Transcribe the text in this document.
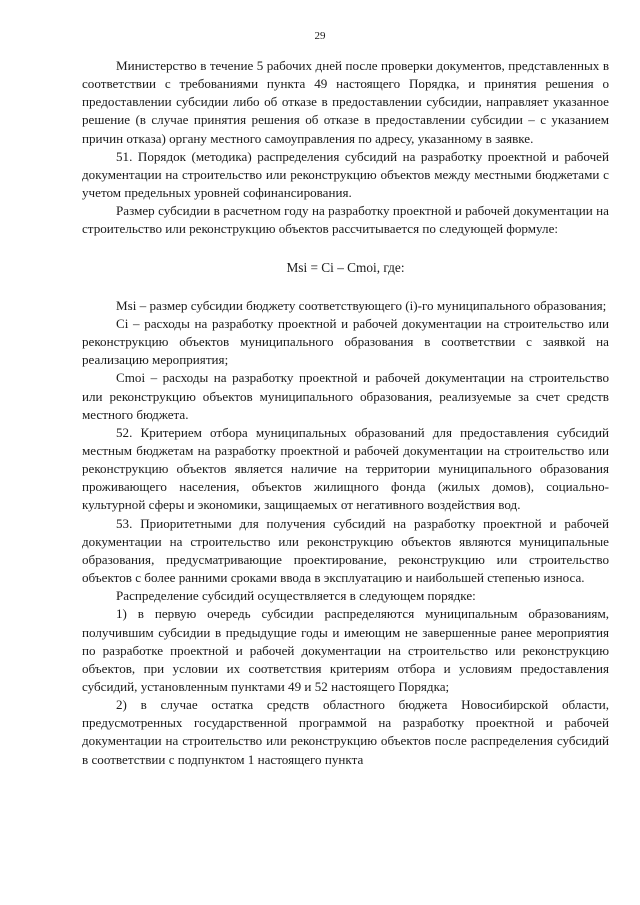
29

Министерство в течение 5 рабочих дней после проверки документов, представленных в соответствии с требованиями пункта 49 настоящего Порядка, и принятия решения о предоставлении субсидии либо об отказе в предоставлении субсидии, направляет указанное решение (в случае принятия решения об отказе в предоставлении субсидии – с указанием причин отказа) органу местного самоуправления по адресу, указанному в заявке.

51. Порядок (методика) распределения субсидий на разработку проектной и рабочей документации на строительство или реконструкцию объектов между местными бюджетами с учетом предельных уровней софинансирования.

Размер субсидии в расчетном году на разработку проектной и рабочей документации на строительство или реконструкцию объектов рассчитывается по следующей формуле:

Msi = Ci – Cmoi, где:

Msi – размер субсидии бюджету соответствующего (i)-го муниципального образования;

Ci – расходы на разработку проектной и рабочей документации на строительство или реконструкцию объектов муниципального образования в соответствии с заявкой на реализацию мероприятия;

Cmoi – расходы на разработку проектной и рабочей документации на строительство или реконструкцию объектов муниципального образования, реализуемые за счет средств местного бюджета.

52. Критерием отбора муниципальных образований для предоставления субсидий местным бюджетам на разработку проектной и рабочей документации на строительство или реконструкцию объектов является наличие на территории муниципального образования проживающего населения, объектов жилищного фонда (жилых домов), социально-культурной сферы и экономики, защищаемых от негативного воздействия вод.

53. Приоритетными для получения субсидий на разработку проектной и рабочей документации на строительство или реконструкцию объектов являются муниципальные образования, предусматривающие проектирование, реконструкцию или строительство объектов с более ранними сроками ввода в эксплуатацию и наибольшей степенью износа.

Распределение субсидий осуществляется в следующем порядке:

1) в первую очередь субсидии распределяются муниципальным образованиям, получившим субсидии в предыдущие годы и имеющим не завершенные ранее мероприятия по разработке проектной и рабочей документации на строительство или реконструкцию объектов, при условии их соответствия критериям отбора и условиям предоставления субсидий, установленным пунктами 49 и 52 настоящего Порядка;

2) в случае остатка средств областного бюджета Новосибирской области, предусмотренных государственной программой на разработку проектной и рабочей документации на строительство или реконструкцию объектов после распределения субсидий в соответствии с подпунктом 1 настоящего пункта
